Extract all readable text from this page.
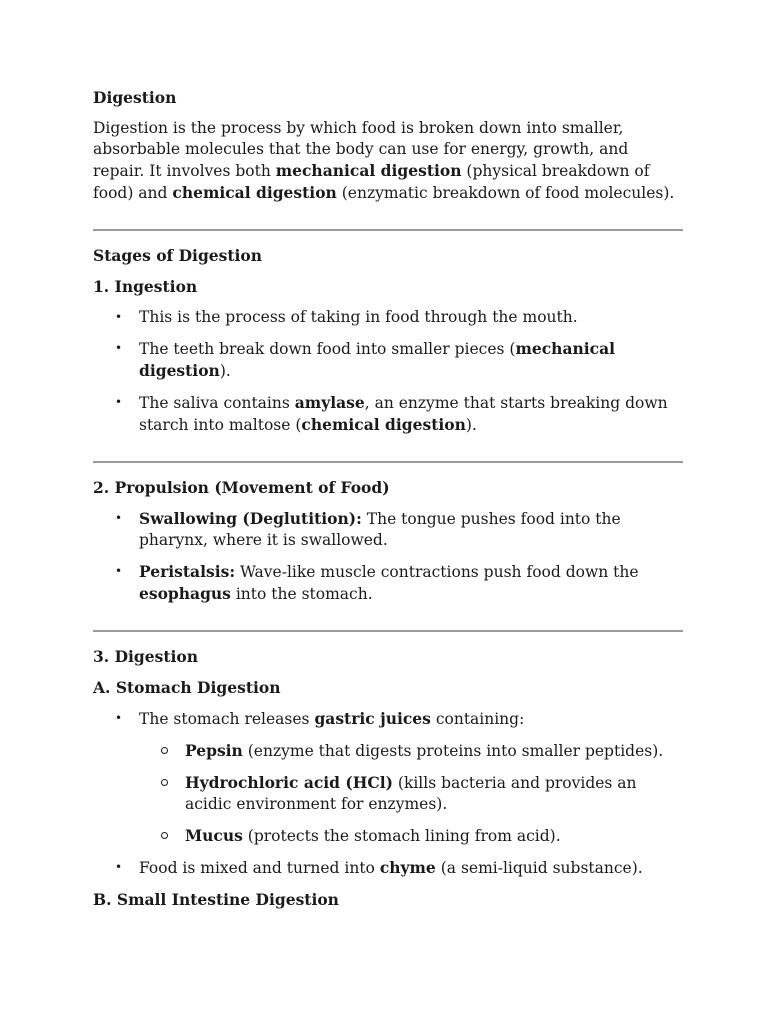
Digestion

Digestion is the process by which food is broken down into smaller, absorbable molecules that the body can use for energy, growth, and repair. It involves both mechanical digestion (physical breakdown of food) and chemical digestion (enzymatic breakdown of food molecules).

Stages of Digestion
1. Ingestion
• This is the process of taking in food through the mouth.
• The teeth break down food into smaller pieces (mechanical digestion).
• The saliva contains amylase, an enzyme that starts breaking down starch into maltose (chemical digestion).
2. Propulsion (Movement of Food)
• Swallowing (Deglutition): The tongue pushes food into the pharynx, where it is swallowed.
• Peristalsis: Wave-like muscle contractions push food down the esophagus into the stomach.
3. Digestion
A. Stomach Digestion
• The stomach releases gastric juices containing:
Pepsin (enzyme that digests proteins into smaller peptides).
Hydrochloric acid (HCl) (kills bacteria and provides an acidic environment for enzymes).
Mucus (protects the stomach lining from acid).
• Food is mixed and turned into chyme (a semi-liquid substance).
B. Small Intestine Digestion
